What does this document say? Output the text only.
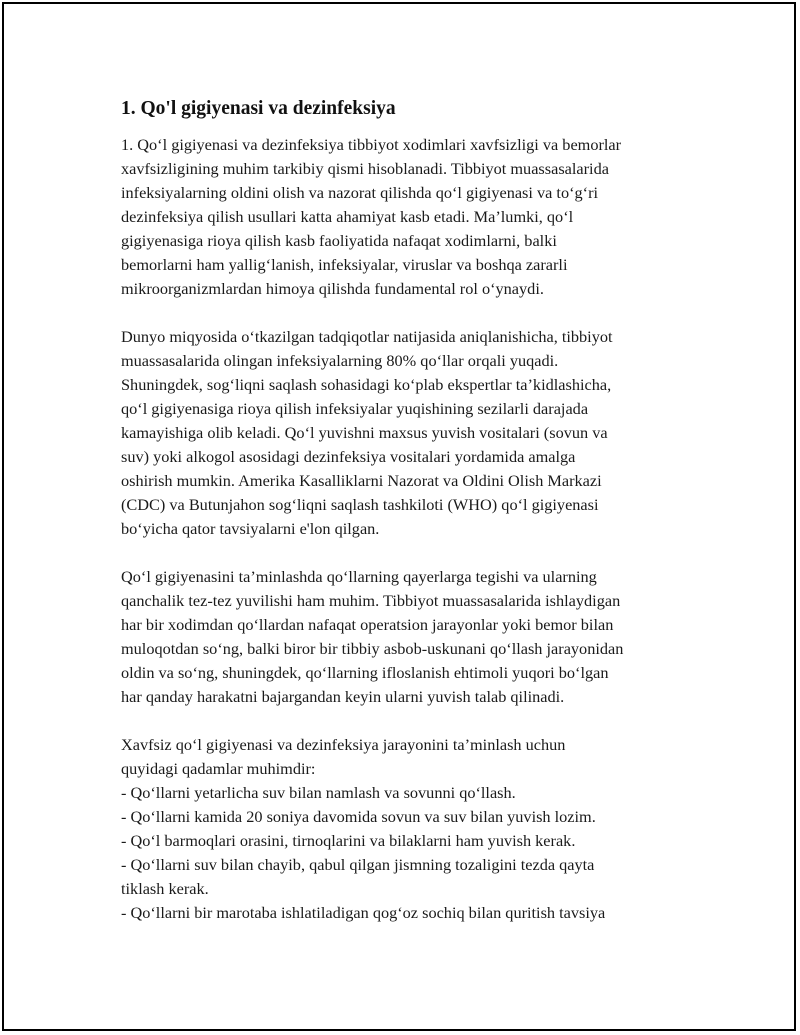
1. Qo'l gigiyenasi va dezinfeksiya

1. Qo‘l gigiyenasi va dezinfeksiya tibbiyot xodimlari xavfsizligi va bemorlar
xavfsizligining muhim tarkibiy qismi hisoblanadi. Tibbiyot muassasalarida
infeksiyalarning oldini olish va nazorat qilishda qo‘l gigiyenasi va to‘g‘ri
dezinfeksiya qilish usullari katta ahamiyat kasb etadi. Ma’lumki, qo‘l
gigiyenasiga rioya qilish kasb faoliyatida nafaqat xodimlarni, balki
bemorlarni ham yallig‘lanish, infeksiyalar, viruslar va boshqa zararli
mikroorganizmlardan himoya qilishda fundamental rol o‘ynaydi.

Dunyo miqyosida o‘tkazilgan tadqiqotlar natijasida aniqlanishicha, tibbiyot
muassasalarida olingan infeksiyalarning 80% qo‘llar orqali yuqadi.
Shuningdek, sog‘liqni saqlash sohasidagi ko‘plab ekspertlar ta’kidlashicha,
qo‘l gigiyenasiga rioya qilish infeksiyalar yuqishining sezilarli darajada
kamayishiga olib keladi. Qo‘l yuvishni maxsus yuvish vositalari (sovun va
suv) yoki alkogol asosidagi dezinfeksiya vositalari yordamida amalga
oshirish mumkin. Amerika Kasalliklarni Nazorat va Oldini Olish Markazi
(CDC) va Butunjahon sog‘liqni saqlash tashkiloti (WHO) qo‘l gigiyenasi
bo‘yicha qator tavsiyalarni e'lon qilgan.

Qo‘l gigiyenasini ta’minlashda qo‘llarning qayerlarga tegishi va ularning
qanchalik tez-tez yuvilishi ham muhim. Tibbiyot muassasalarida ishlaydigan
har bir xodimdan qo‘llardan nafaqat operatsion jarayonlar yoki bemor bilan
muloqotdan so‘ng, balki biror bir tibbiy asbob-uskunani qo‘llash jarayonidan
oldin va so‘ng, shuningdek, qo‘llarning ifloslanish ehtimoli yuqori bo‘lgan
har qanday harakatni bajargandan keyin ularni yuvish talab qilinadi.

Xavfsiz qo‘l gigiyenasi va dezinfeksiya jarayonini ta’minlash uchun
quyidagi qadamlar muhimdir:

- Qo‘llarni yetarlicha suv bilan namlash va sovunni qo‘llash.
- Qo‘llarni kamida 20 soniya davomida sovun va suv bilan yuvish lozim.
- Qo‘l barmoqlari orasini, tirnoqlarini va bilaklarni ham yuvish kerak.
- Qo‘llarni suv bilan chayib, qabul qilgan jismning tozaligini tezda qayta
tiklash kerak.
- Qo‘llarni bir marotaba ishlatiladigan qog‘oz sochiq bilan quritish tavsiya
